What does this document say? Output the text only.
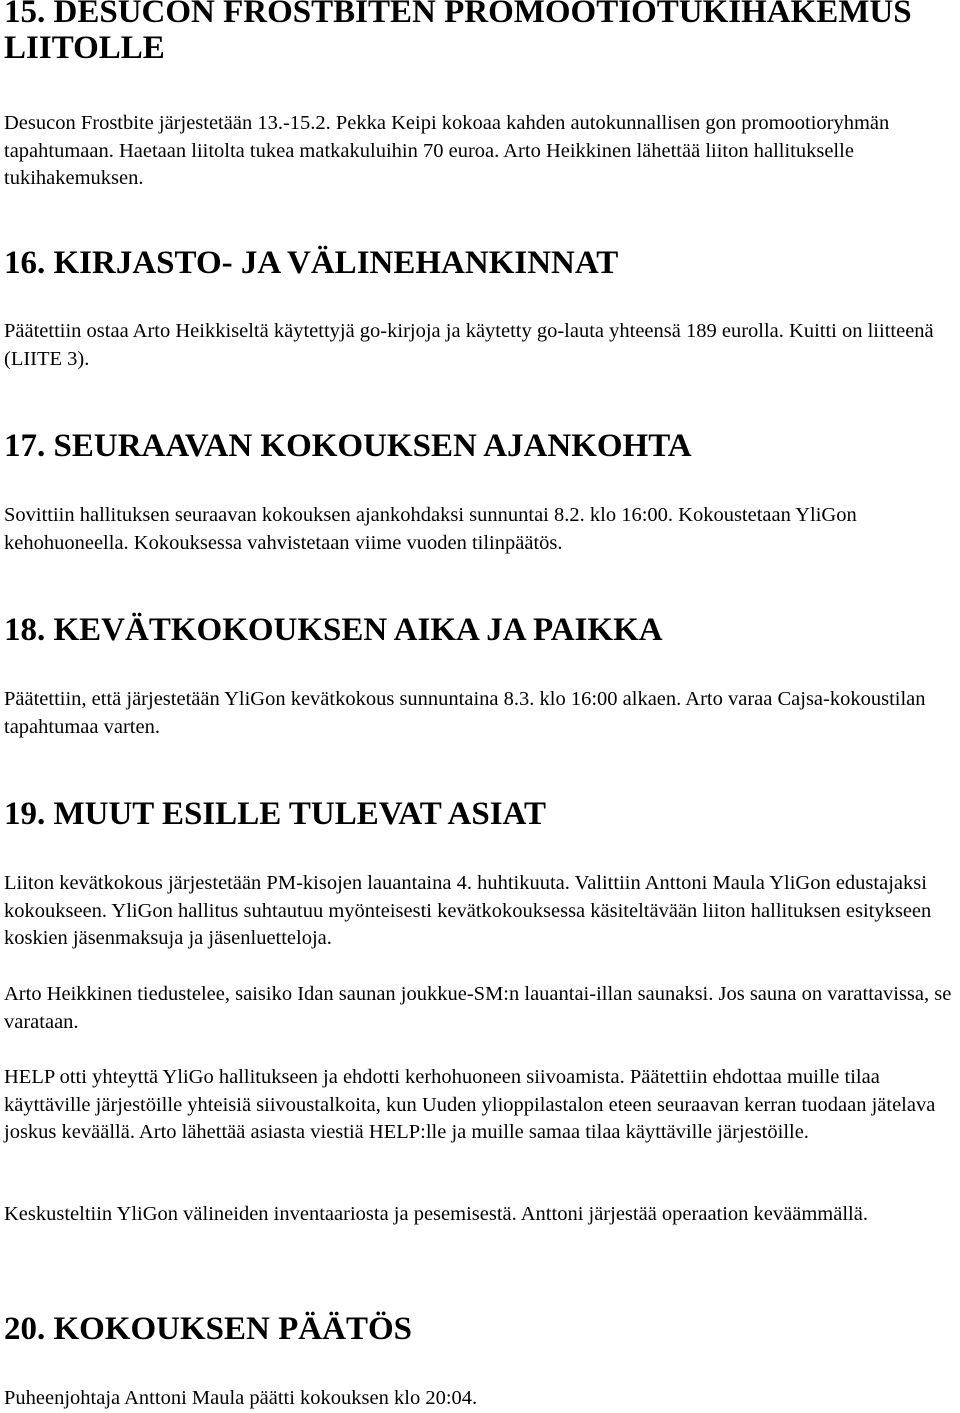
15. DESUCON FROSTBITEN PROMOOTIOTUKIHAKEMUS LIITOLLE

Desucon Frostbite järjestetään 13.-15.2. Pekka Keipi kokoaa kahden autokunnallisen gon promootioryhmän tapahtumaan. Haetaan liitolta tukea matkakuluihin 70 euroa. Arto Heikkinen lähettää liiton hallitukselle tukihakemuksen.

16. KIRJASTO- JA VÄLINEHANKINNAT

Päätettiin ostaa Arto Heikkiseltä käytettyjä go-kirjoja ja käytetty go-lauta yhteensä 189 eurolla. Kuitti on liitteenä (LIITE 3).

17. SEURAAVAN KOKOUKSEN AJANKOHTA

Sovittiin hallituksen seuraavan kokouksen ajankohdaksi sunnuntai 8.2. klo 16:00. Kokoustetaan YliGon kehohuoneella. Kokouksessa vahvistetaan viime vuoden tilinpäätös.

18. KEVÄTKOKOUKSEN AIKA JA PAIKKA

Päätettiin, että järjestetään YliGon kevätkokous sunnuntaina 8.3. klo 16:00 alkaen. Arto varaa Cajsa-kokoustilan tapahtumaa varten.

19. MUUT ESILLE TULEVAT ASIAT

Liiton kevätkokous järjestetään PM-kisojen lauantaina 4. huhtikuuta. Valittiin Anttoni Maula YliGon edustajaksi kokoukseen. YliGon hallitus suhtautuu myönteisesti kevätkokouksessa käsiteltävään liiton hallituksen esitykseen koskien jäsenmaksuja ja jäsenluetteloja.

Arto Heikkinen tiedustelee, saisiko Idan saunan joukkue-SM:n lauantai-illan saunaksi. Jos sauna on varattavissa, se varataan.

HELP otti yhteyttä YliGo hallitukseen ja ehdotti kerhohuoneen siivoamista. Päätettiin ehdottaa muille tilaa käyttäville järjestöille yhteisiä siivoustalkoita, kun Uuden ylioppilastalon eteen seuraavan kerran tuodaan jätelava joskus keväällä. Arto lähettää asiasta viestiä HELP:lle ja muille samaa tilaa käyttäville järjestöille.

Keskusteltiin YliGon välineiden inventaariosta ja pesemisestä. Anttoni järjestää operaation keväämmällä.

20. KOKOUKSEN PÄÄTÖS

Puheenjohtaja Anttoni Maula päätti kokouksen klo 20:04.
